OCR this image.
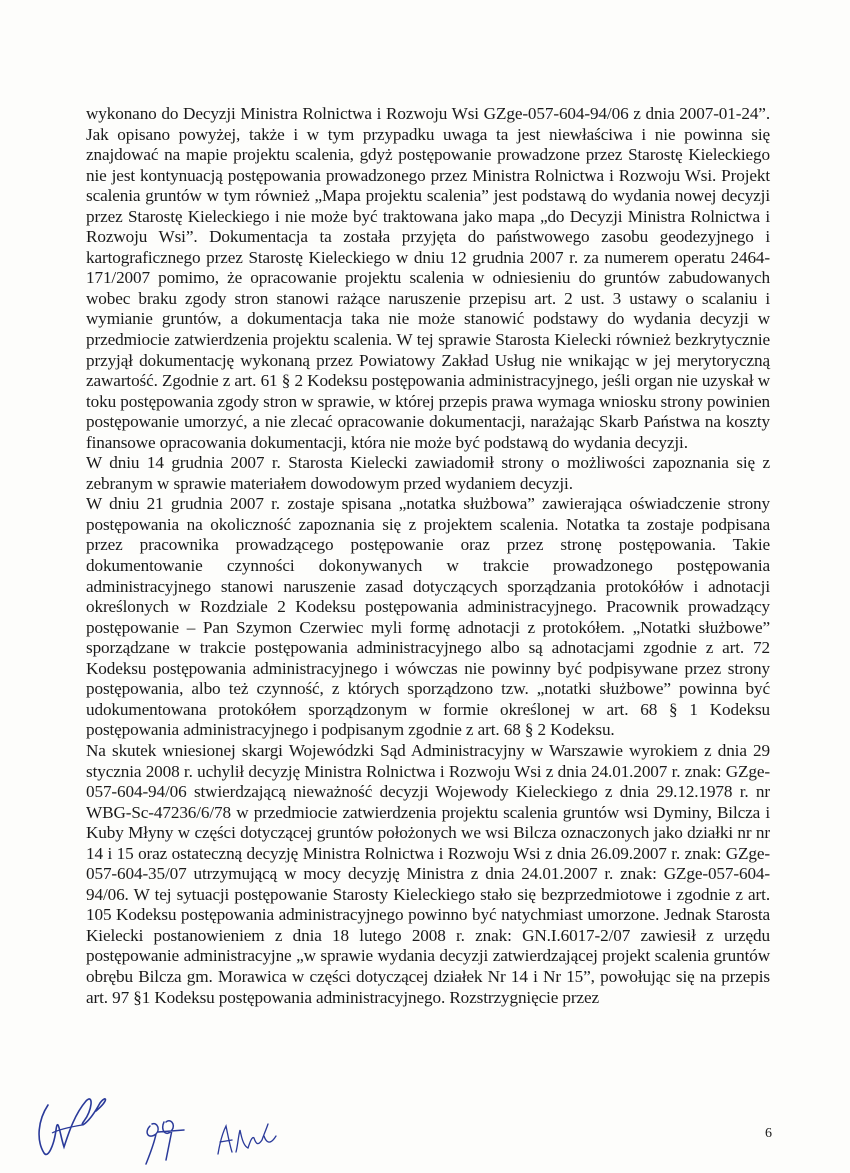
wykonano do Decyzji Ministra Rolnictwa i Rozwoju Wsi GZge-057-604-94/06 z dnia 2007-01-24”. Jak opisano powyżej, także i w tym przypadku uwaga ta jest niewłaściwa i nie powinna się znajdować na mapie projektu scalenia, gdyż postępowanie prowadzone przez Starostę Kieleckiego nie jest kontynuacją postępowania prowadzonego przez Ministra Rolnictwa i Rozwoju Wsi. Projekt scalenia gruntów w tym również „Mapa projektu scalenia” jest podstawą do wydania nowej decyzji przez Starostę Kieleckiego i nie może być traktowana jako mapa „do Decyzji Ministra Rolnictwa i Rozwoju Wsi”. Dokumentacja ta została przyjęta do państwowego zasobu geodezyjnego i kartograficznego przez Starostę Kieleckiego w dniu 12 grudnia 2007 r. za numerem operatu 2464-171/2007 pomimo, że opracowanie projektu scalenia w odniesieniu do gruntów zabudowanych wobec braku zgody stron stanowi rażące naruszenie przepisu art. 2 ust. 3 ustawy o scalaniu i wymianie gruntów, a dokumentacja taka nie może stanowić podstawy do wydania decyzji w przedmiocie zatwierdzenia projektu scalenia. W tej sprawie Starosta Kielecki również bezkrytycznie przyjął dokumentację wykonaną przez Powiatowy Zakład Usług nie wnikając w jej merytoryczną zawartość. Zgodnie z art. 61 § 2 Kodeksu postępowania administracyjnego, jeśli organ nie uzyskał w toku postępowania zgody stron w sprawie, w której przepis prawa wymaga wniosku strony powinien postępowanie umorzyć, a nie zlecać opracowanie dokumentacji, narażając Skarb Państwa na koszty finansowe opracowania dokumentacji, która nie może być podstawą do wydania decyzji.

W dniu 14 grudnia 2007 r. Starosta Kielecki zawiadomił strony o możliwości zapoznania się z zebranym w sprawie materiałem dowodowym przed wydaniem decyzji.

W dniu 21 grudnia 2007 r. zostaje spisana „notatka służbowa” zawierająca oświadczenie strony postępowania na okoliczność zapoznania się z projektem scalenia. Notatka ta zostaje podpisana przez pracownika prowadzącego postępowanie oraz przez stronę postępowania. Takie dokumentowanie czynności dokonywanych w trakcie prowadzonego postępowania administracyjnego stanowi naruszenie zasad dotyczących sporządzania protokółów i adnotacji określonych w Rozdziale 2 Kodeksu postępowania administracyjnego. Pracownik prowadzący postępowanie – Pan Szymon Czerwiec myli formę adnotacji z protokółem. „Notatki służbowe” sporządzane w trakcie postępowania administracyjnego albo są adnotacjami zgodnie z art. 72 Kodeksu postępowania administracyjnego i wówczas nie powinny być podpisywane przez strony postępowania, albo też czynność, z których sporządzono tzw. „notatki służbowe” powinna być udokumentowana protokółem sporządzonym w formie określonej w art. 68 § 1 Kodeksu postępowania administracyjnego i podpisanym zgodnie z art. 68 § 2 Kodeksu.

Na skutek wniesionej skargi Wojewódzki Sąd Administracyjny w Warszawie wyrokiem z dnia 29 stycznia 2008 r. uchylił decyzję Ministra Rolnictwa i Rozwoju Wsi z dnia 24.01.2007 r. znak: GZge-057-604-94/06 stwierdzającą nieważność decyzji Wojewody Kieleckiego z dnia 29.12.1978 r. nr WBG-Sc-47236/6/78 w przedmiocie zatwierdzenia projektu scalenia gruntów wsi Dyminy, Bilcza i Kuby Młyny w części dotyczącej gruntów położonych we wsi Bilcza oznaczonych jako działki nr nr 14 i 15 oraz ostateczną decyzję Ministra Rolnictwa i Rozwoju Wsi z dnia 26.09.2007 r. znak: GZge-057-604-35/07 utrzymującą w mocy decyzję Ministra z dnia 24.01.2007 r. znak: GZge-057-604-94/06. W tej sytuacji postępowanie Starosty Kieleckiego stało się bezprzedmiotowe i zgodnie z art. 105 Kodeksu postępowania administracyjnego powinno być natychmiast umorzone. Jednak Starosta Kielecki postanowieniem z dnia 18 lutego 2008 r. znak: GN.I.6017-2/07 zawiesił z urzędu postępowanie administracyjne „w sprawie wydania decyzji zatwierdzającej projekt scalenia gruntów obrębu Bilcza gm. Morawica w części dotyczącej działek Nr 14 i Nr 15”, powołując się na przepis art. 97 §1 Kodeksu postępowania administracyjnego. Rozstrzygnięcie przez

6
